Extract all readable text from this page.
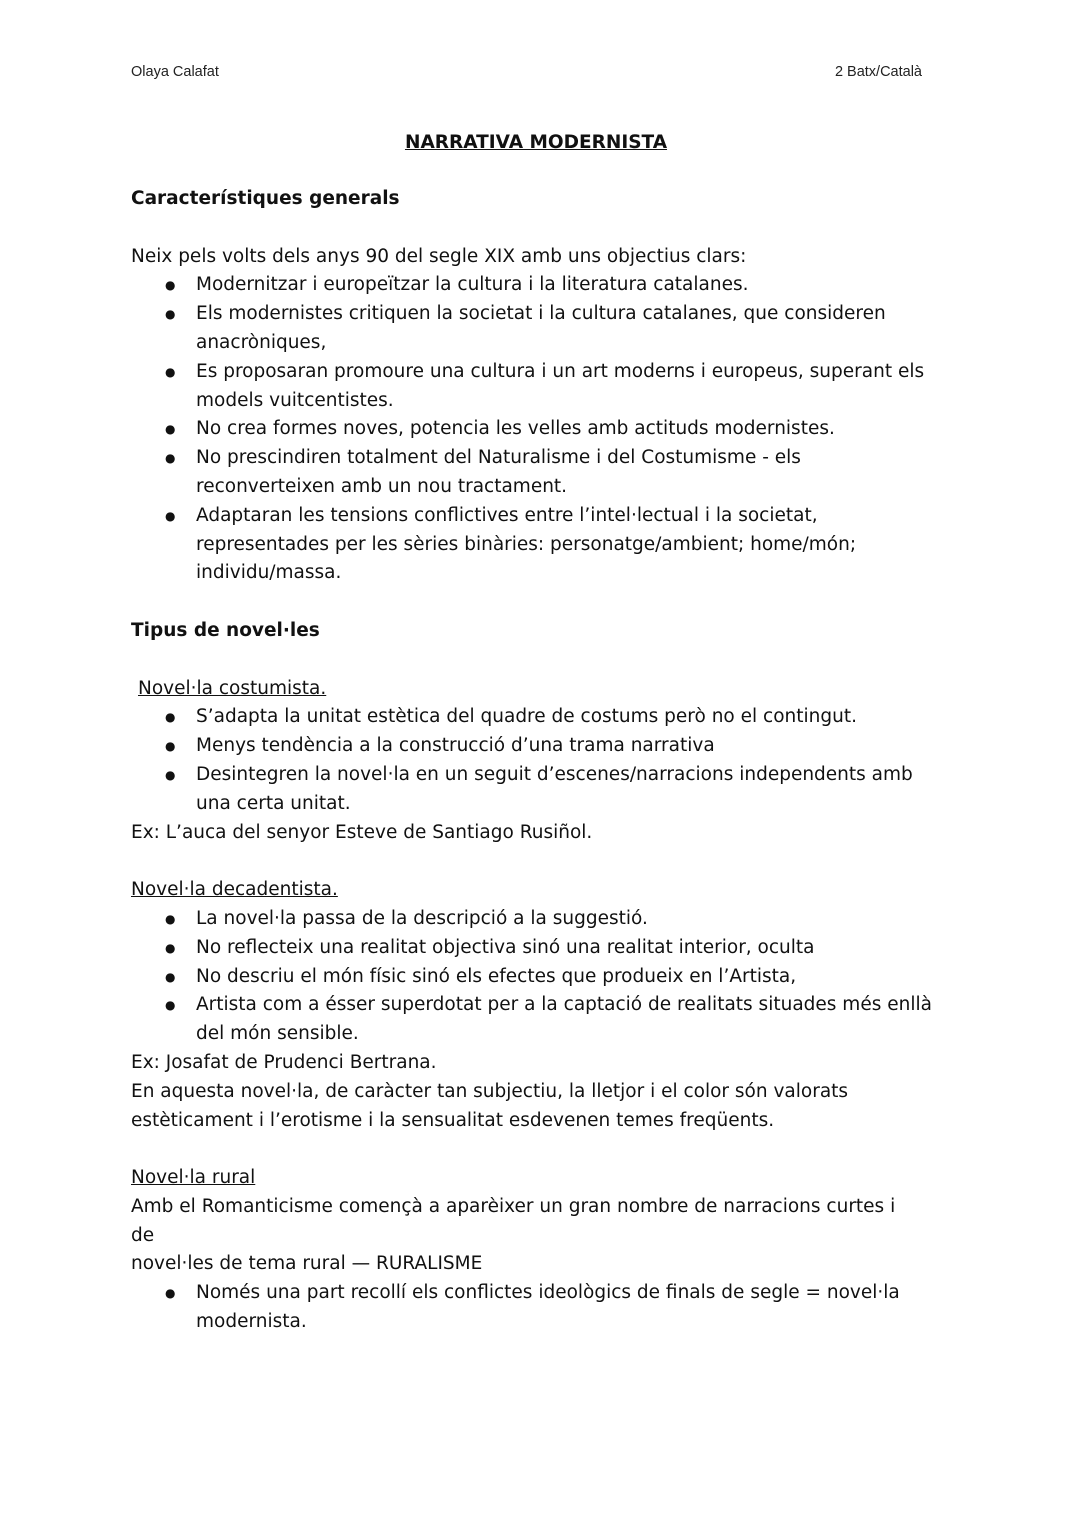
Olaya Calafat	2 Batx/Català

NARRATIVA MODERNISTA

Característiques generals

Neix pels volts dels anys 90 del segle XIX amb uns objectius clars:

● Modernitzar i europeïtzar la cultura i la literatura catalanes.
● Els modernistes critiquen la societat i la cultura catalanes, que consideren anacròniques,
● Es proposaran promoure una cultura i un art moderns i europeus, superant els models vuitcentistes.
● No crea formes noves, potencia les velles amb actituds modernistes.
● No prescindiren totalment del Naturalisme i del Costumisme - els reconverteixen amb un nou tractament.
● Adaptaran les tensions conflictives entre l’intel·lectual i la societat, representades per les sèries binàries: personatge/ambient; home/món; individu/massa.

Tipus de novel·les

Novel·la costumista.

● S’adapta la unitat estètica del quadre de costums però no el contingut.
● Menys tendència a la construcció d’una trama narrativa
● Desintegren la novel·la en un seguit d’escenes/narracions independents amb una certa unitat.

Ex: L’auca del senyor Esteve de Santiago Rusiñol.

Novel·la decadentista.

● La novel·la passa de la descripció a la suggestió.
● No reflecteix una realitat objectiva sinó una realitat interior, oculta
● No descriu el món físic sinó els efectes que produeix en l’Artista,
● Artista com a ésser superdotat per a la captació de realitats situades més enllà del món sensible.

Ex: Josafat de Prudenci Bertrana.

En aquesta novel·la, de caràcter tan subjectiu, la lletjor i el color són valorats estèticament i l’erotisme i la sensualitat esdevenen temes freqüents.

Novel·la rural

Amb el Romanticisme començà a aparèixer un gran nombre de narracions curtes i

de

novel·les de tema rural — RURALISME

● Només una part recollí els conflictes ideològics de finals de segle = novel·la modernista.
